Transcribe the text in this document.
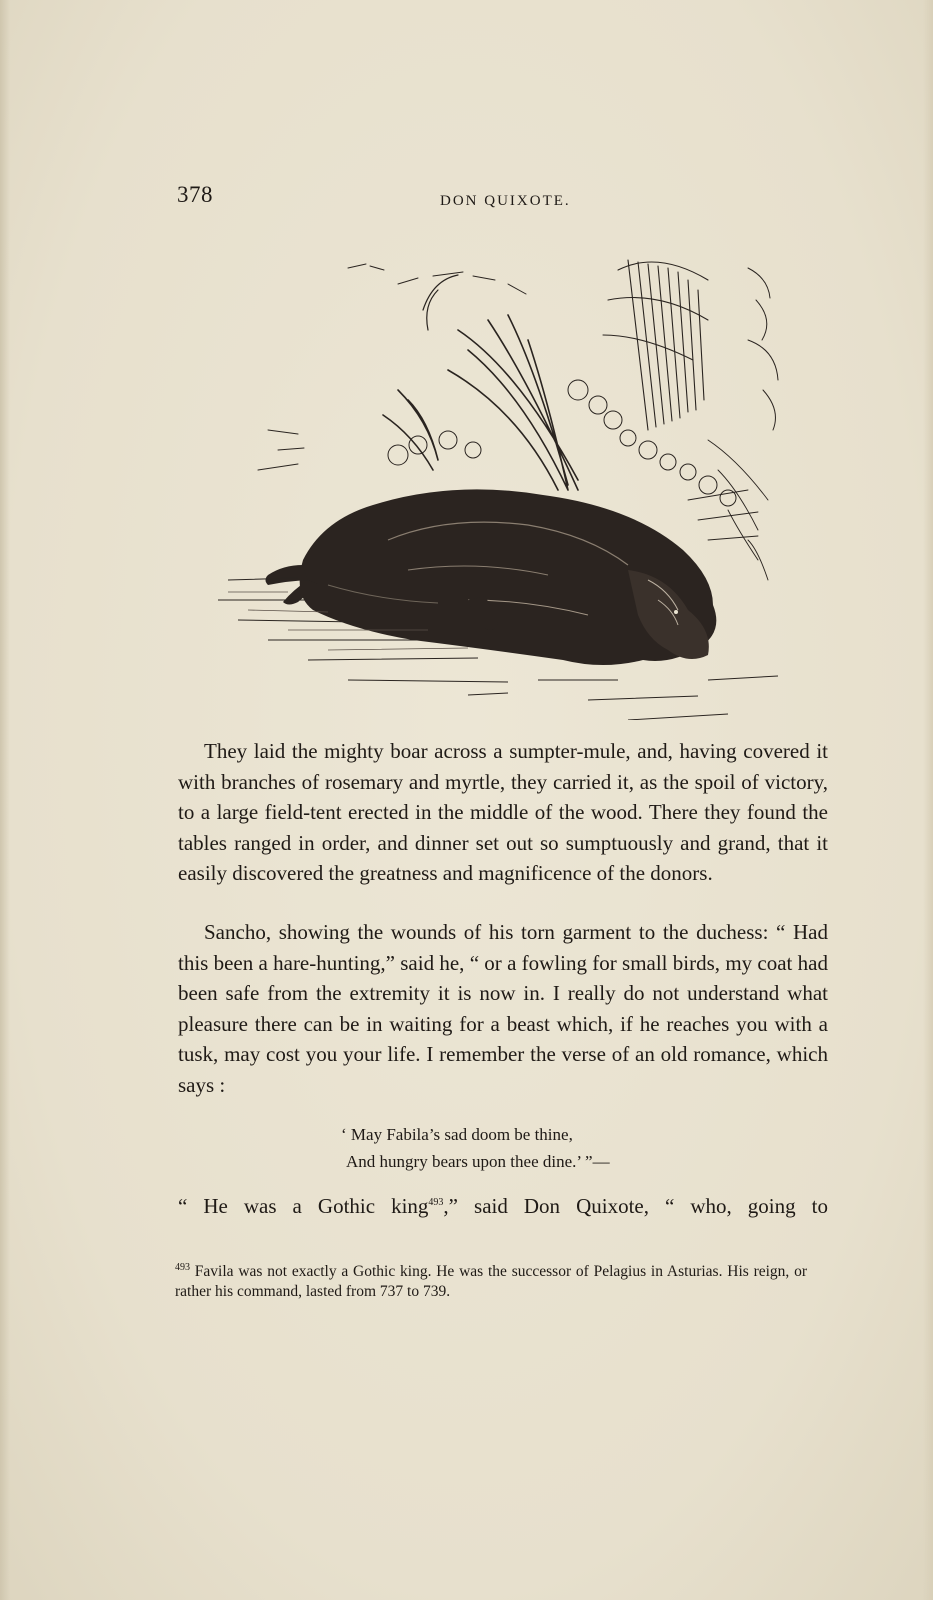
378	DON QUIXOTE.

They laid the mighty boar across a sumpter-mule, and, having covered it with branches of rosemary and myrtle, they carried it, as the spoil of victory, to a large field-tent erected in the middle of the wood. There they found the tables ranged in order, and dinner set out so sumptuously and grand, that it easily discovered the greatness and magnificence of the donors.

Sancho, showing the wounds of his torn garment to the duchess: “ Had this been a hare-hunting,” said he, “ or a fowling for small birds, my coat had been safe from the extremity it is now in. I really do not understand what pleasure there can be in waiting for a beast which, if he reaches you with a tusk, may cost you your life. I remember the verse of an old romance, which says :

‘ May Fabila’s sad doom be thine,
And hungry bears upon thee dine.’ ”—

“ He was a Gothic king$^{493}$,” said Don Quixote, “ who, going to

$^{493}$ Favila was not exactly a Gothic king. He was the successor of Pelagius in Asturias. His reign, or rather his command, lasted from 737 to 739.
